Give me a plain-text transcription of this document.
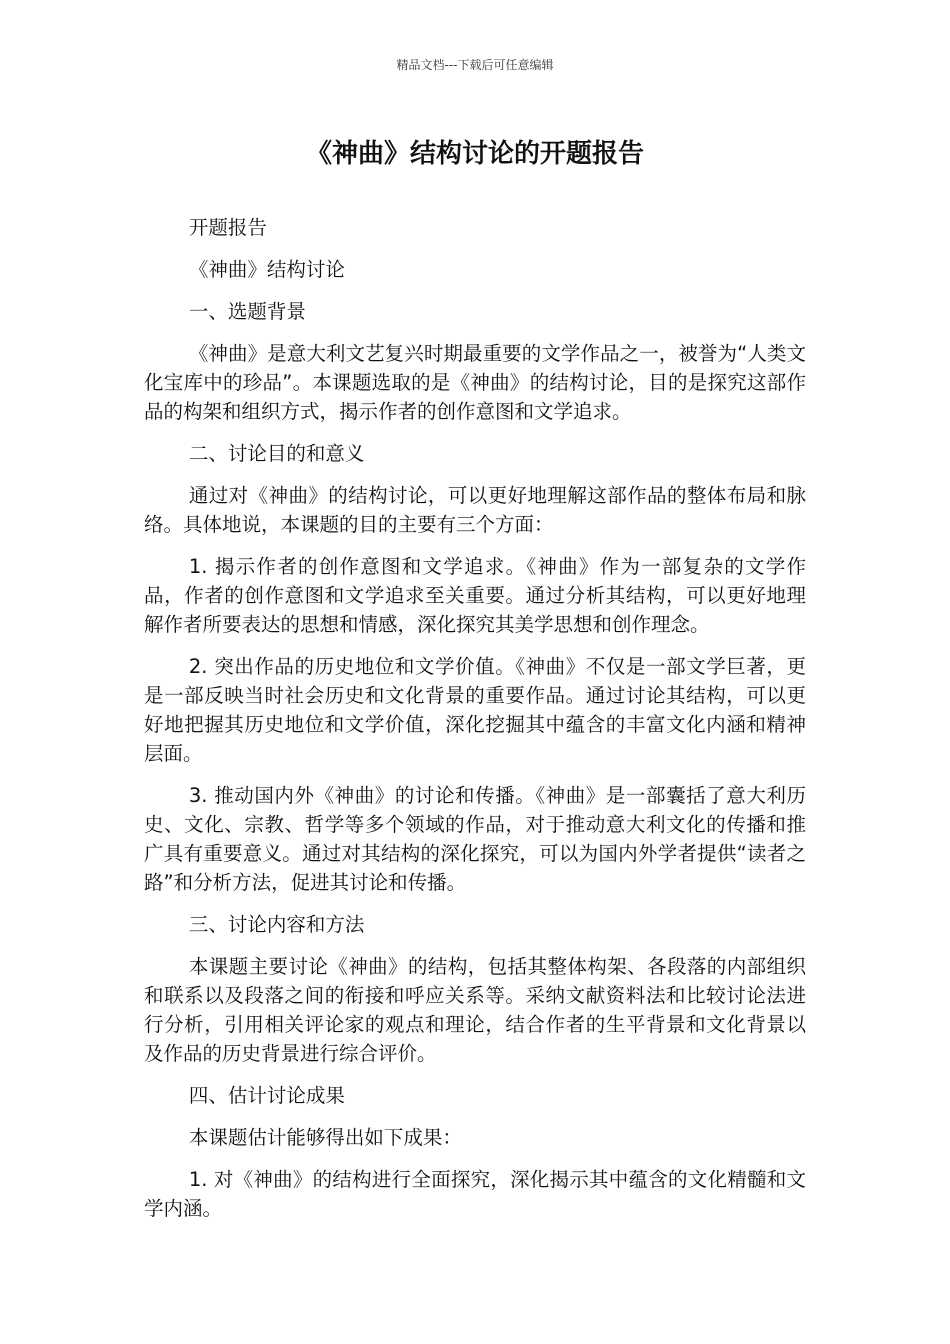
精品文档---下载后可任意编辑
《神曲》结构讨论的开题报告

开题报告

《神曲》结构讨论

一、选题背景

《神曲》是意大利文艺复兴时期最重要的文学作品之一，被誉为“人类文化宝库中的珍品”。本课题选取的是《神曲》的结构讨论，目的是探究这部作品的构架和组织方式，揭示作者的创作意图和文学追求。

二、讨论目的和意义

通过对《神曲》的结构讨论，可以更好地理解这部作品的整体布局和脉络。具体地说，本课题的目的主要有三个方面：

1. 揭示作者的创作意图和文学追求。《神曲》作为一部复杂的文学作品，作者的创作意图和文学追求至关重要。通过分析其结构，可以更好地理解作者所要表达的思想和情感，深化探究其美学思想和创作理念。

2. 突出作品的历史地位和文学价值。《神曲》不仅是一部文学巨著，更是一部反映当时社会历史和文化背景的重要作品。通过讨论其结构，可以更好地把握其历史地位和文学价值，深化挖掘其中蕴含的丰富文化内涵和精神层面。

3. 推动国内外《神曲》的讨论和传播。《神曲》是一部囊括了意大利历史、文化、宗教、哲学等多个领域的作品，对于推动意大利文化的传播和推广具有重要意义。通过对其结构的深化探究，可以为国内外学者提供“读者之路”和分析方法，促进其讨论和传播。

三、讨论内容和方法

本课题主要讨论《神曲》的结构，包括其整体构架、各段落的内部组织和联系以及段落之间的衔接和呼应关系等。采纳文献资料法和比较讨论法进行分析，引用相关评论家的观点和理论，结合作者的生平背景和文化背景以及作品的历史背景进行综合评价。

四、估计讨论成果

本课题估计能够得出如下成果：

1. 对《神曲》的结构进行全面探究，深化揭示其中蕴含的文化精髓和文学内涵。
